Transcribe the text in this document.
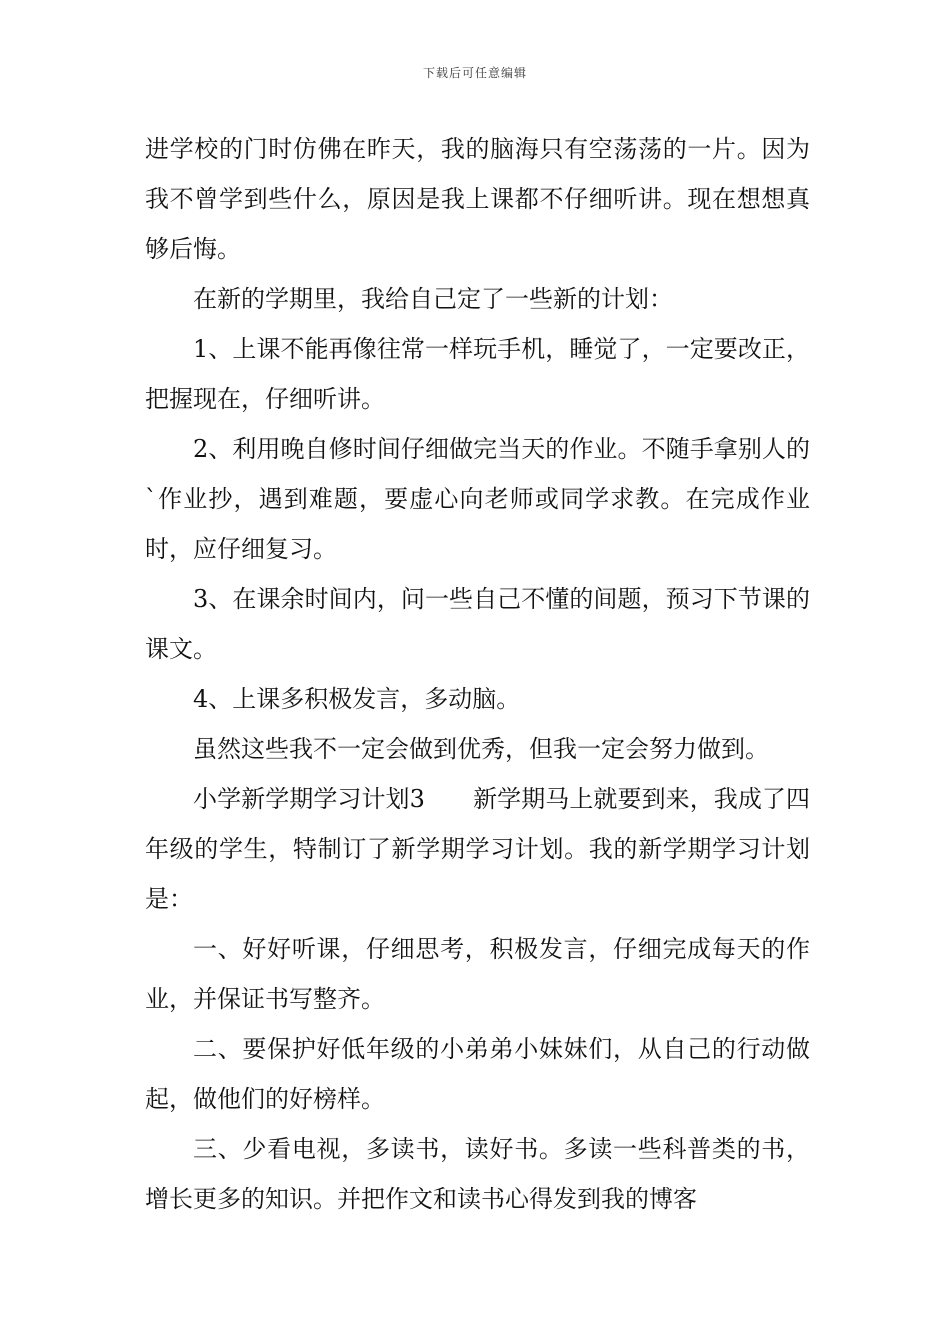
下载后可任意编辑

进学校的门时仿佛在昨天，我的脑海只有空荡荡的一片。因为我不曾学到些什么，原因是我上课都不仔细听讲。现在想想真够后悔。

在新的学期里，我给自己定了一些新的计划：

1、上课不能再像往常一样玩手机，睡觉了，一定要改正，把握现在，仔细听讲。

2、利用晚自修时间仔细做完当天的作业。不随手拿别人的`作业抄，遇到难题，要虚心向老师或同学求教。在完成作业时，应仔细复习。

3、在课余时间内，问一些自己不懂的间题，预习下节课的课文。

4、上课多积极发言，多动脑。

虽然这些我不一定会做到优秀，但我一定会努力做到。

小学新学期学习计划3　　新学期马上就要到来，我成了四年级的学生，特制订了新学期学习计划。我的新学期学习计划是：

一、好好听课，仔细思考，积极发言，仔细完成每天的作业，并保证书写整齐。

二、要保护好低年级的小弟弟小妹妹们，从自己的行动做起，做他们的好榜样。

三、少看电视，多读书，读好书。多读一些科普类的书，增长更多的知识。并把作文和读书心得发到我的博客
